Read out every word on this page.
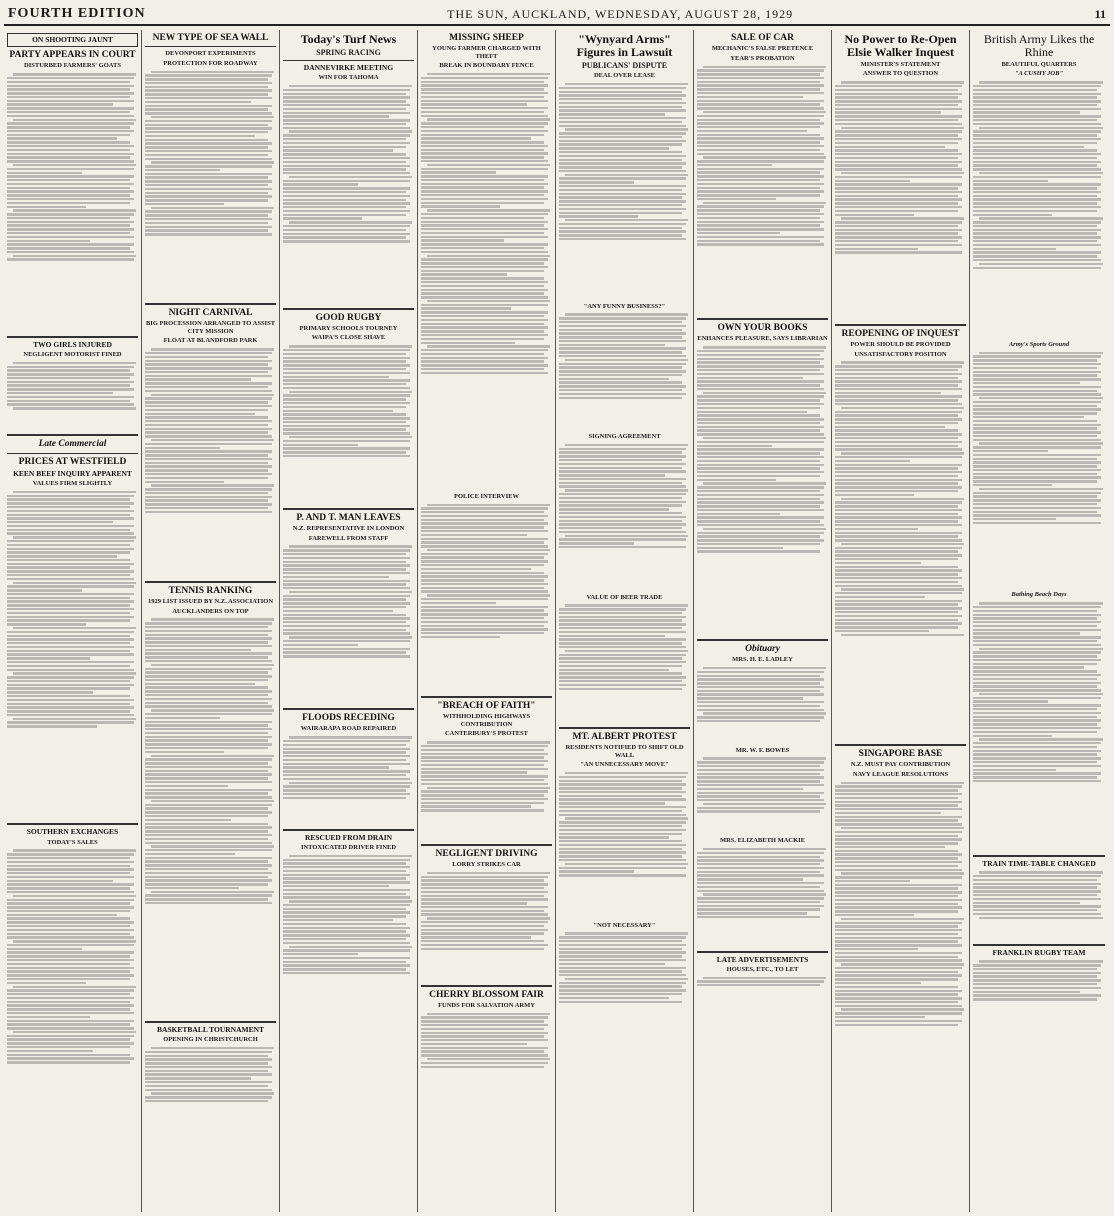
FOURTH EDITION	THE SUN, AUCKLAND, WEDNESDAY, AUGUST 28, 1929	11
ON SHOOTING JAUNT
PARTY APPEARS IN COURT
DISTURBED FARMERS' GOATS
TWO GIRLS INJURED
NEGLIGENT MOTORIST FINED
Late Commercial
PRICES AT WESTFIELD
KEEN BEEF INQUIRY APPARENT
VALUES FIRM SLIGHTLY
SOUTHERN EXCHANGES
TODAY'S SALES
NEW TYPE OF SEA WALL
DEVONPORT EXPERIMENTS
PROTECTION FOR ROADWAY
NIGHT CARNIVAL
BIG PROCESSION ARRANGED TO ASSIST CITY MISSION
FLOAT AT BLANDFORD PARK
TENNIS RANKING
1929 LIST ISSUED BY N.Z. ASSOCIATION
AUCKLANDERS ON TOP
BASKETBALL TOURNAMENT
OPENING IN CHRISTCHURCH
Today's Turf News
SPRING RACING
DANNEVIRKE MEETING
WIN FOR TAHOMA
GOOD RUGBY
PRIMARY SCHOOLS TOURNEY
WAIPA'S CLOSE SHAVE
P. AND T. MAN LEAVES
N.Z. REPRESENTATIVE IN LONDON
FAREWELL FROM STAFF
FLOODS RECEDING
WAIRARAPA ROAD REPAIRED
RESCUED FROM DRAIN
INTOXICATED DRIVER FINED
MISSING SHEEP
YOUNG FARMER CHARGED WITH THEFT
BREAK IN BOUNDARY FENCE
POLICE INTERVIEW
"BREACH OF FAITH"
WITHHOLDING HIGHWAYS CONTRIBUTION
CANTERBURY'S PROTEST
NEGLIGENT DRIVING
LORRY STRIKES CAR
CHERRY BLOSSOM FAIR
FUNDS FOR SALVATION ARMY
"Wynyard Arms" Figures in Lawsuit
PUBLICANS' DISPUTE
DEAL OVER LEASE
"ANY FUNNY BUSINESS?"
SIGNING AGREEMENT
VALUE OF BEER TRADE
MT. ALBERT PROTEST
RESIDENTS NOTIFIED TO SHIFT OLD WALL
"AN UNNECESSARY MOVE"
"NOT NECESSARY"
SALE OF CAR
MECHANIC'S FALSE PRETENCE
YEAR'S PROBATION
OWN YOUR BOOKS
ENHANCES PLEASURE, SAYS LIBRARIAN
Obituary
MRS. H. E. LADLEY
MR. W. F. BOWES
MRS. ELIZABETH MACKIE
LATE ADVERTISEMENTS
HOUSES, ETC., TO LET
No Power to Re-Open Elsie Walker Inquest
MINISTER'S STATEMENT
ANSWER TO QUESTION
REOPENING OF INQUEST
POWER SHOULD BE PROVIDED
UNSATISFACTORY POSITION
SINGAPORE BASE
N.Z. MUST PAY CONTRIBUTION
NAVY LEAGUE RESOLUTIONS
British Army Likes the Rhine
BEAUTIFUL QUARTERS
"A CUSHY JOB"
Army's Sports Ground
Bathing Beach Days
TRAIN TIME-TABLE CHANGED
FRANKLIN RUGBY TEAM
